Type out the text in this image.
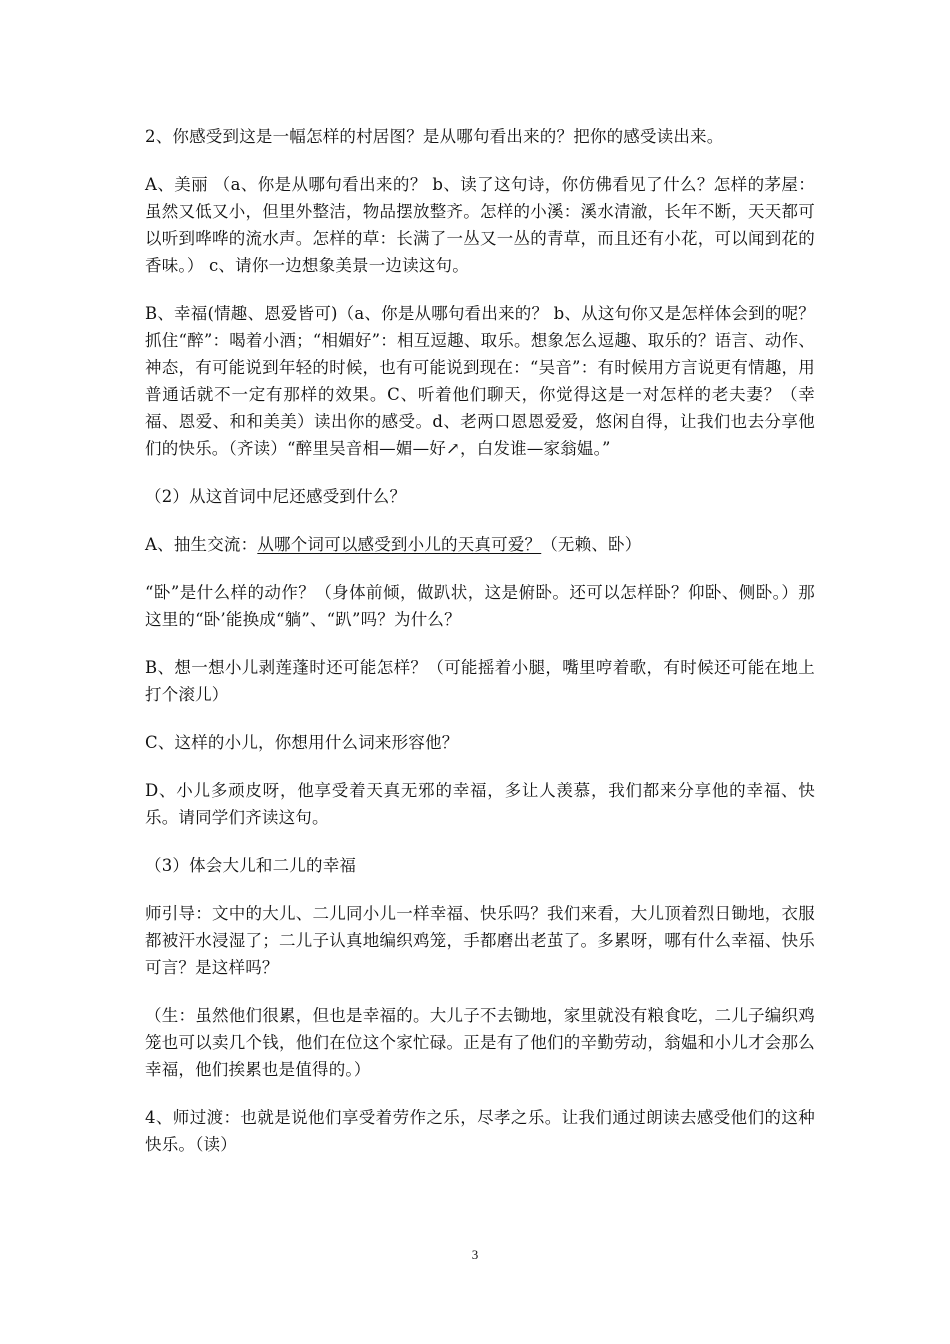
2、你感受到这是一幅怎样的村居图？是从哪句看出来的？把你的感受读出来。

A、美丽 （a、你是从哪句看出来的？ b、读了这句诗，你仿佛看见了什么？怎样的茅屋：虽然又低又小，但里外整洁，物品摆放整齐。怎样的小溪：溪水清澈，长年不断，天天都可以听到哗哗的流水声。怎样的草：长满了一丛又一丛的青草，而且还有小花，可以闻到花的香味。） c、请你一边想象美景一边读这句。

B、幸福(情趣、恩爱皆可)（a、你是从哪句看出来的？ b、从这句你又是怎样体会到的呢？抓住“醉”：喝着小酒；“相媚好”：相互逗趣、取乐。想象怎么逗趣、取乐的？语言、动作、神态，有可能说到年轻的时候，也有可能说到现在：“吴音”：有时候用方言说更有情趣，用普通话就不一定有那样的效果。C、听着他们聊天，你觉得这是一对怎样的老夫妻？（幸福、恩爱、和和美美）读出你的感受。d、老两口恩恩爱爱，悠闲自得，让我们也去分享他们的快乐。（齐读）“醉里吴音相—媚—好↗，白发谁—家翁媪。”

（2）从这首词中尼还感受到什么？

A、抽生交流：从哪个词可以感受到小儿的天真可爱？（无赖、卧）

“卧”是什么样的动作？（身体前倾，做趴状，这是俯卧。还可以怎样卧？仰卧、侧卧。）那这里的“卧’能换成“躺”、“趴”吗？为什么？

B、想一想小儿剥莲蓬时还可能怎样？（可能摇着小腿，嘴里哼着歌，有时候还可能在地上打个滚儿）

C、这样的小儿，你想用什么词来形容他？

D、小儿多顽皮呀，他享受着天真无邪的幸福，多让人羡慕，我们都来分享他的幸福、快乐。请同学们齐读这句。

（3）体会大儿和二儿的幸福

师引导：文中的大儿、二儿同小儿一样幸福、快乐吗？我们来看，大儿顶着烈日锄地，衣服都被汗水浸湿了；二儿子认真地编织鸡笼，手都磨出老茧了。多累呀，哪有什么幸福、快乐可言？是这样吗？

（生：虽然他们很累，但也是幸福的。大儿子不去锄地，家里就没有粮食吃，二儿子编织鸡笼也可以卖几个钱，他们在位这个家忙碌。正是有了他们的辛勤劳动，翁媪和小儿才会那么幸福，他们挨累也是值得的。）

4、师过渡：也就是说他们享受着劳作之乐，尽孝之乐。让我们通过朗读去感受他们的这种快乐。（读）

3
